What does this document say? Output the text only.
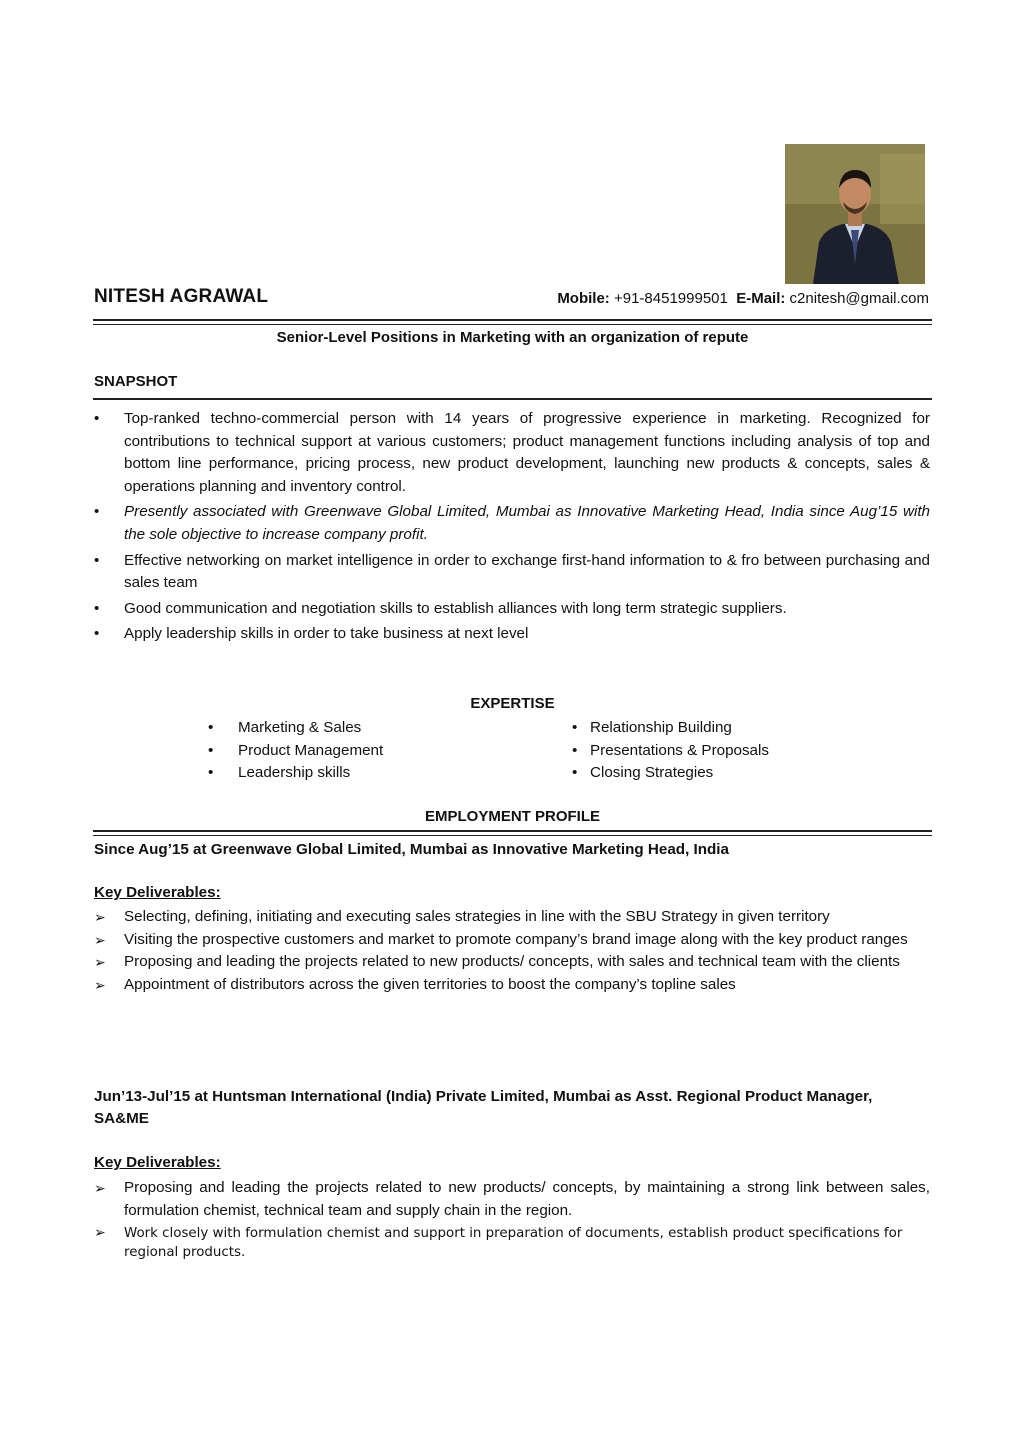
NITESH AGRAWAL	Mobile: +91-8451999501 E-Mail: c2nitesh@gmail.com
Senior-Level Positions in Marketing with an organization of repute
SNAPSHOT
• Top-ranked techno-commercial person with 14 years of progressive experience in marketing. Recognized for contributions to technical support at various customers; product management functions including analysis of top and bottom line performance, pricing process, new product development, launching new products & concepts, sales & operations planning and inventory control.
• Presently associated with Greenwave Global Limited, Mumbai as Innovative Marketing Head, India since Aug’15 with the sole objective to increase company profit.
• Effective networking on market intelligence in order to exchange first-hand information to & fro between purchasing and sales team
• Good communication and negotiation skills to establish alliances with long term strategic suppliers.
• Apply leadership skills in order to take business at next level
EXPERTISE
• Marketing & Sales
• Product Management
• Leadership skills
• Relationship Building
• Presentations & Proposals
• Closing Strategies
EMPLOYMENT PROFILE
Since Aug’15 at Greenwave Global Limited, Mumbai as Innovative Marketing Head, India
Key Deliverables:
➢ Selecting, defining, initiating and executing sales strategies in line with the SBU Strategy in given territory
➢ Visiting the prospective customers and market to promote company’s brand image along with the key product ranges
➢ Proposing and leading the projects related to new products/ concepts, with sales and technical team with the clients
➢ Appointment of distributors across the given territories to boost the company’s topline sales
Jun’13-Jul’15 at Huntsman International (India) Private Limited, Mumbai as Asst. Regional Product Manager, SA&ME
Key Deliverables:
➢ Proposing and leading the projects related to new products/ concepts, by maintaining a strong link between sales, formulation chemist, technical team and supply chain in the region.
➢ Work closely with formulation chemist and support in preparation of documents, establish product specifications for regional products.
